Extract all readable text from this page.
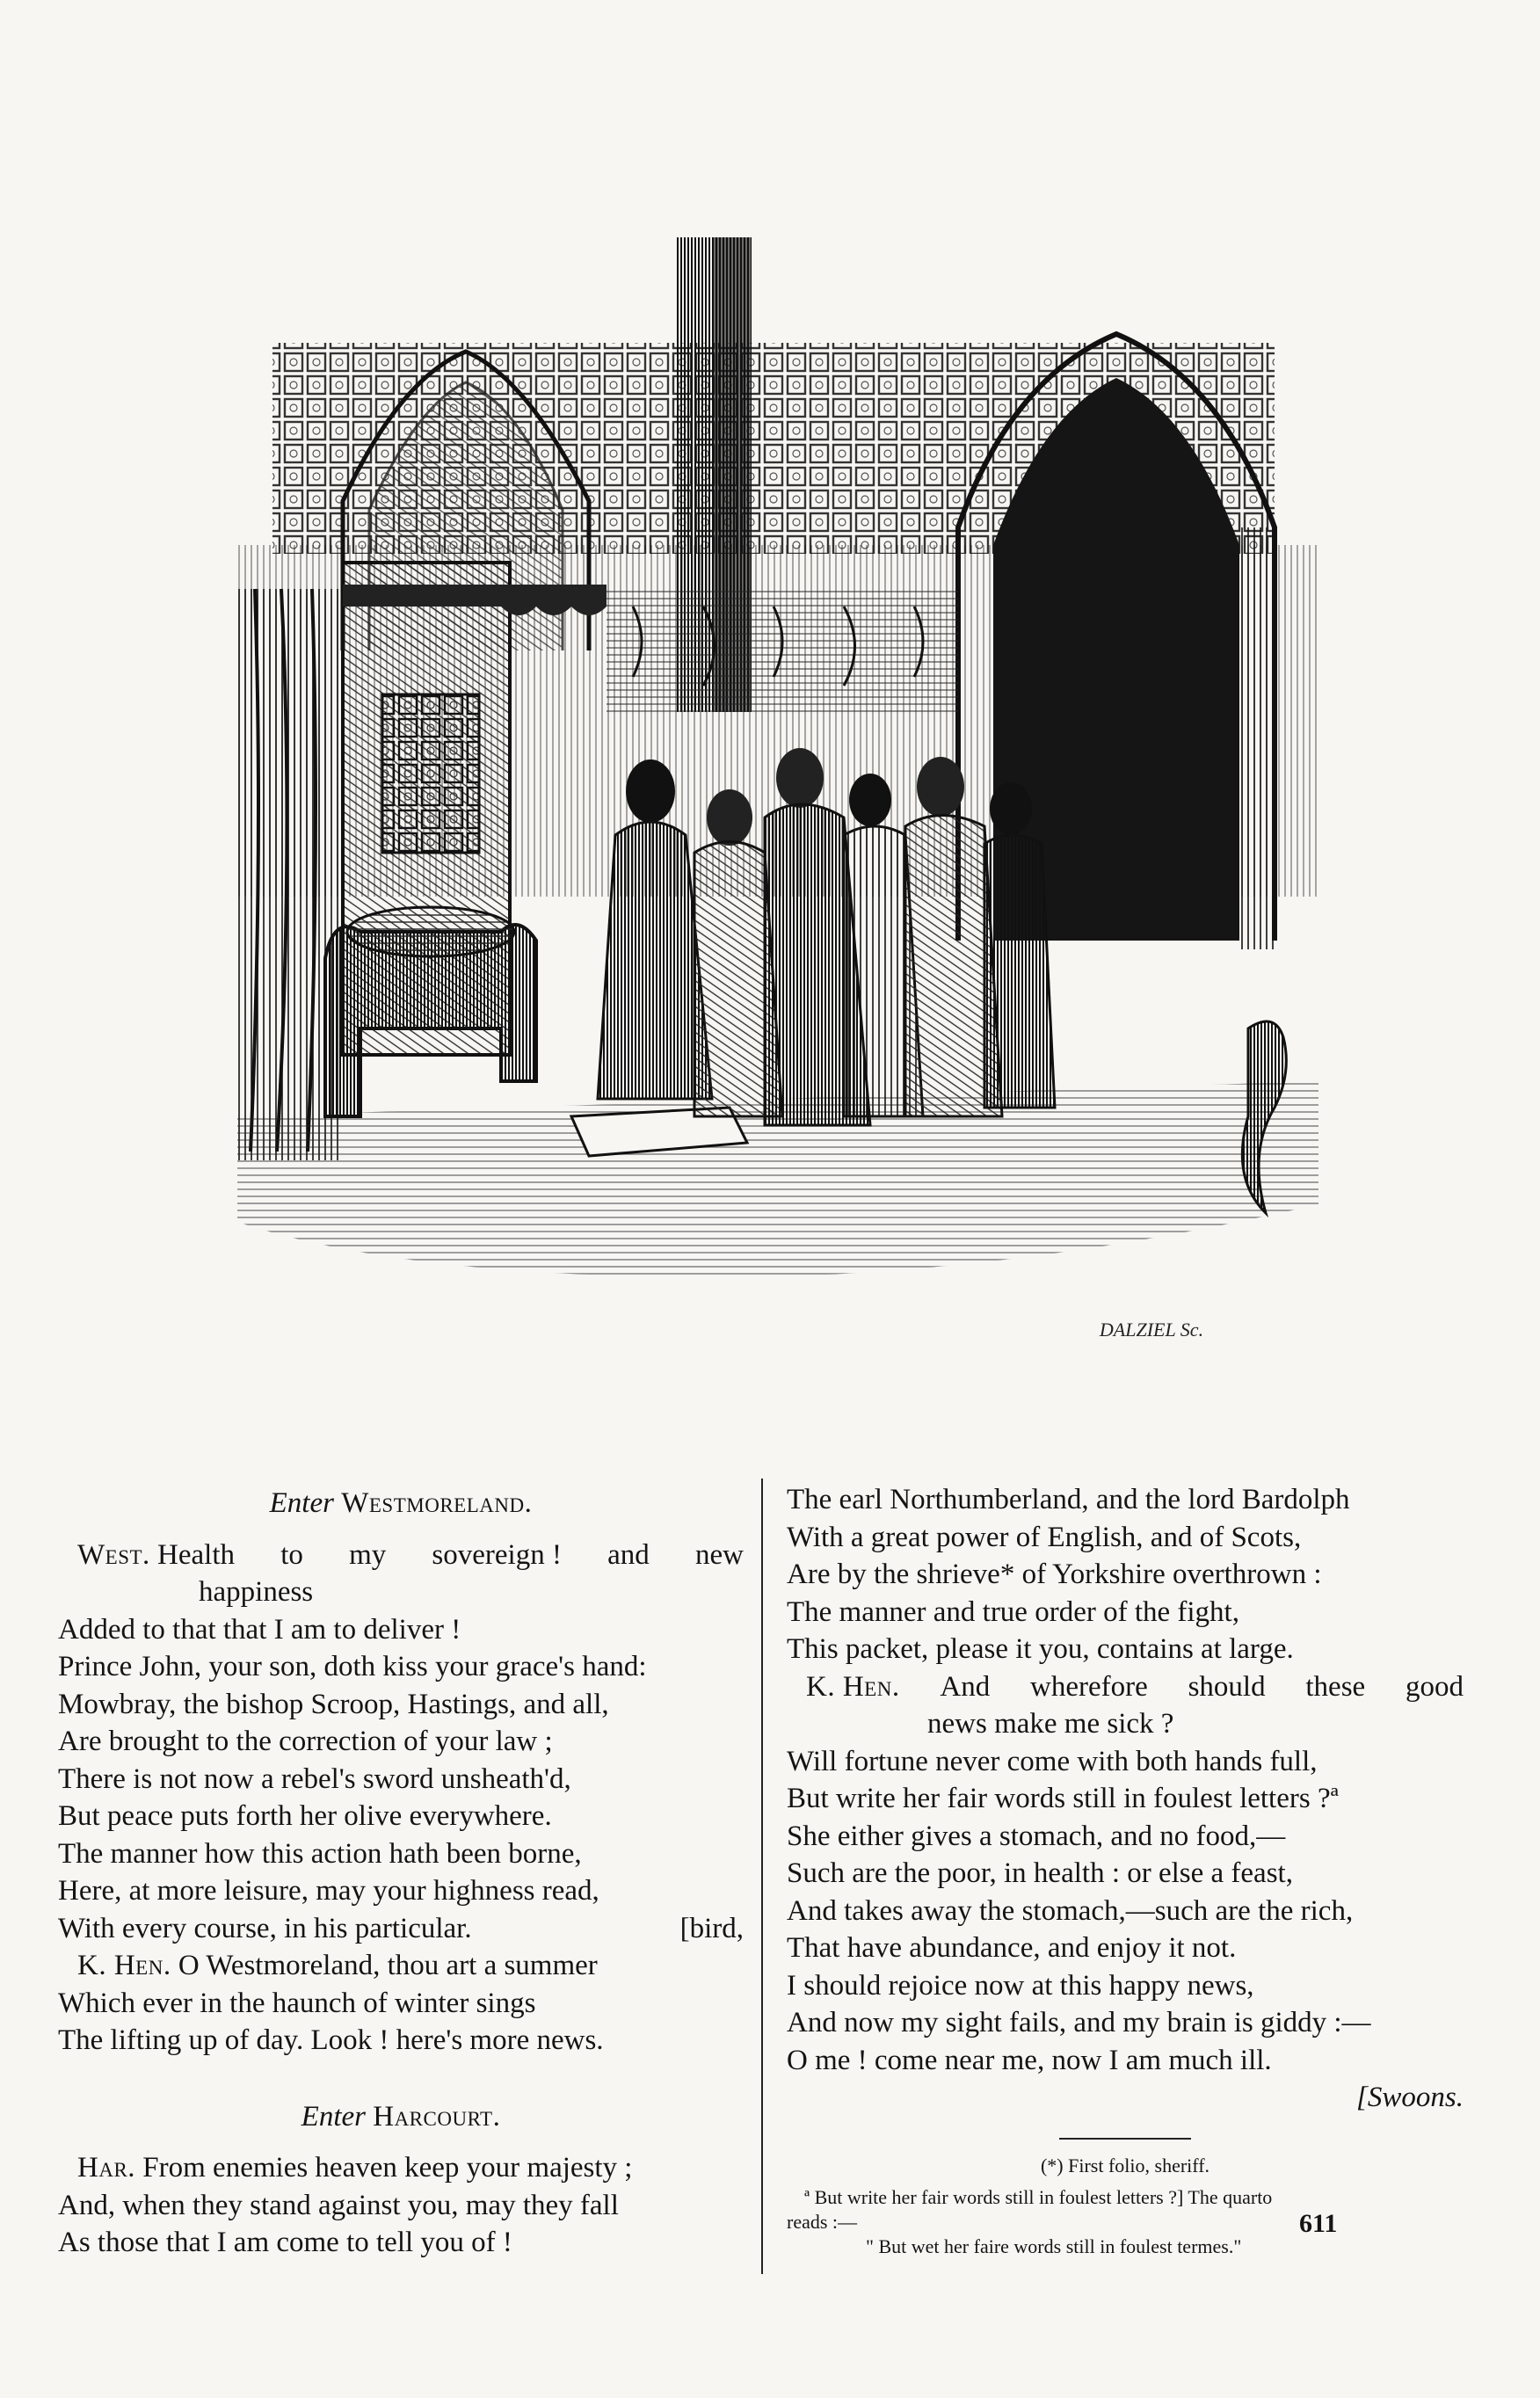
DALZIEL Sc.
Enter Westmoreland.
West. Health to my sovereign ! and new
happiness
Added to that that I am to deliver !
Prince John, your son, doth kiss your grace's hand:
Mowbray, the bishop Scroop, Hastings, and all,
Are brought to the correction of your law ;
There is not now a rebel's sword unsheath'd,
But peace puts forth her olive everywhere.
The manner how this action hath been borne,
Here, at more leisure, may your highness read,
With every course, in his particular.	[bird,
K. Hen. O Westmoreland, thou art a summer
Which ever in the haunch of winter sings
The lifting up of day. Look ! here's more news.
Enter Harcourt.
Har. From enemies heaven keep your majesty ;
And, when they stand against you, may they fall
As those that I am come to tell you of !
The earl Northumberland, and the lord Bardolph
With a great power of English, and of Scots,
Are by the shrieve* of Yorkshire overthrown :
The manner and true order of the fight,
This packet, please it you, contains at large.
K. Hen. And wherefore should these good
news make me sick ?
Will fortune never come with both hands full,
But write her fair words still in foulest letters ?ª
She either gives a stomach, and no food,—
Such are the poor, in health : or else a feast,
And takes away the stomach,—such are the rich,
That have abundance, and enjoy it not.
I should rejoice now at this happy news,
And now my sight fails, and my brain is giddy :—
O me ! come near me, now I am much ill.
[Swoons.
(*) First folio, sheriff.
ª But write her fair words still in foulest letters ?] The quarto
reads :—
" But wet her faire words still in foulest termes."
611
